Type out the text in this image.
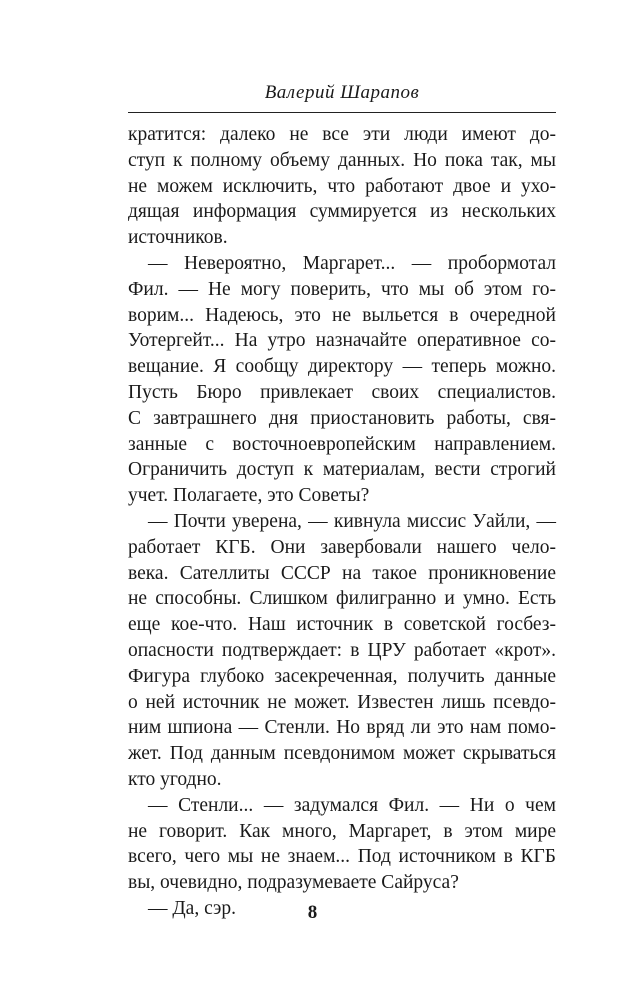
Валерий Шарапов

кратится: далеко не все эти люди имеют до-

ступ к полному объему данных. Но пока так, мы

не можем исключить, что работают двое и ухо-

дящая информация суммируется из нескольких

источников.

— Невероятно, Маргарет... — пробормотал

Фил. — Не могу поверить, что мы об этом го-

ворим... Надеюсь, это не выльется в очередной

Уотергейт... На утро назначайте оперативное со-

вещание. Я сообщу директору — теперь можно.

Пусть Бюро привлекает своих специалистов.

С завтрашнего дня приостановить работы, свя-

занные с восточноевропейским направлением.

Ограничить доступ к материалам, вести строгий

учет. Полагаете, это Советы?

— Почти уверена, — кивнула миссис Уайли, —

работает КГБ. Они завербовали нашего чело-

века. Сателлиты СССР на такое проникновение

не способны. Слишком филигранно и умно. Есть

еще кое-что. Наш источник в советской госбез-

опасности подтверждает: в ЦРУ работает «крот».

Фигура глубоко засекреченная, получить данные

о ней источник не может. Известен лишь псевдо-

ним шпиона — Стенли. Но вряд ли это нам помо-

жет. Под данным псевдонимом может скрываться

кто угодно.

— Стенли... — задумался Фил. — Ни о чем

не говорит. Как много, Маргарет, в этом мире

всего, чего мы не знаем... Под источником в КГБ

вы, очевидно, подразумеваете Сайруса?

— Да, сэр.	8
